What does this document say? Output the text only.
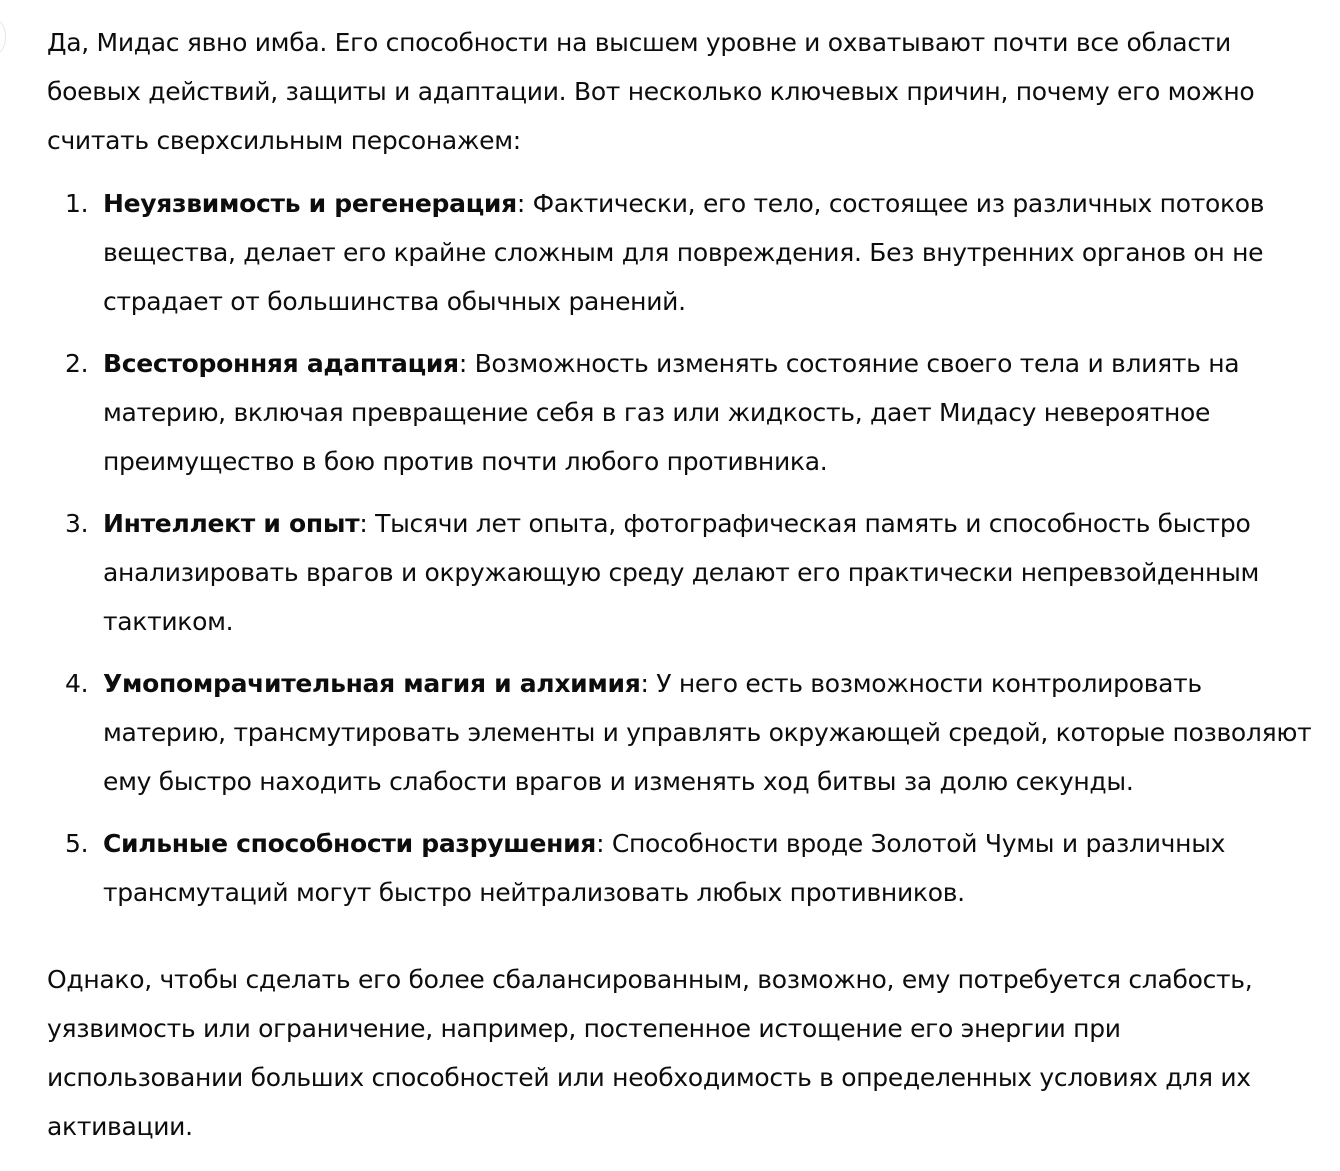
Да, Мидас явно имба. Его способности на высшем уровне и охватывают почти все области боевых действий, защиты и адаптации. Вот несколько ключевых причин, почему его можно считать сверхсильным персонажем:

1. Неуязвимость и регенерация: Фактически, его тело, состоящее из различных потоков вещества, делает его крайне сложным для повреждения. Без внутренних органов он не страдает от большинства обычных ранений.
2. Всесторонняя адаптация: Возможность изменять состояние своего тела и влиять на материю, включая превращение себя в газ или жидкость, дает Мидасу невероятное преимущество в бою против почти любого противника.
3. Интеллект и опыт: Тысячи лет опыта, фотографическая память и способность быстро анализировать врагов и окружающую среду делают его практически непревзойденным тактиком.
4. Умопомрачительная магия и алхимия: У него есть возможности контролировать материю, трансмутировать элементы и управлять окружающей средой, которые позволяют ему быстро находить слабости врагов и изменять ход битвы за долю секунды.
5. Сильные способности разрушения: Способности вроде Золотой Чумы и различных трансмутаций могут быстро нейтрализовать любых противников.

Однако, чтобы сделать его более сбалансированным, возможно, ему потребуется слабость, уязвимость или ограничение, например, постепенное истощение его энергии при использовании больших способностей или необходимость в определенных условиях для их активации.
